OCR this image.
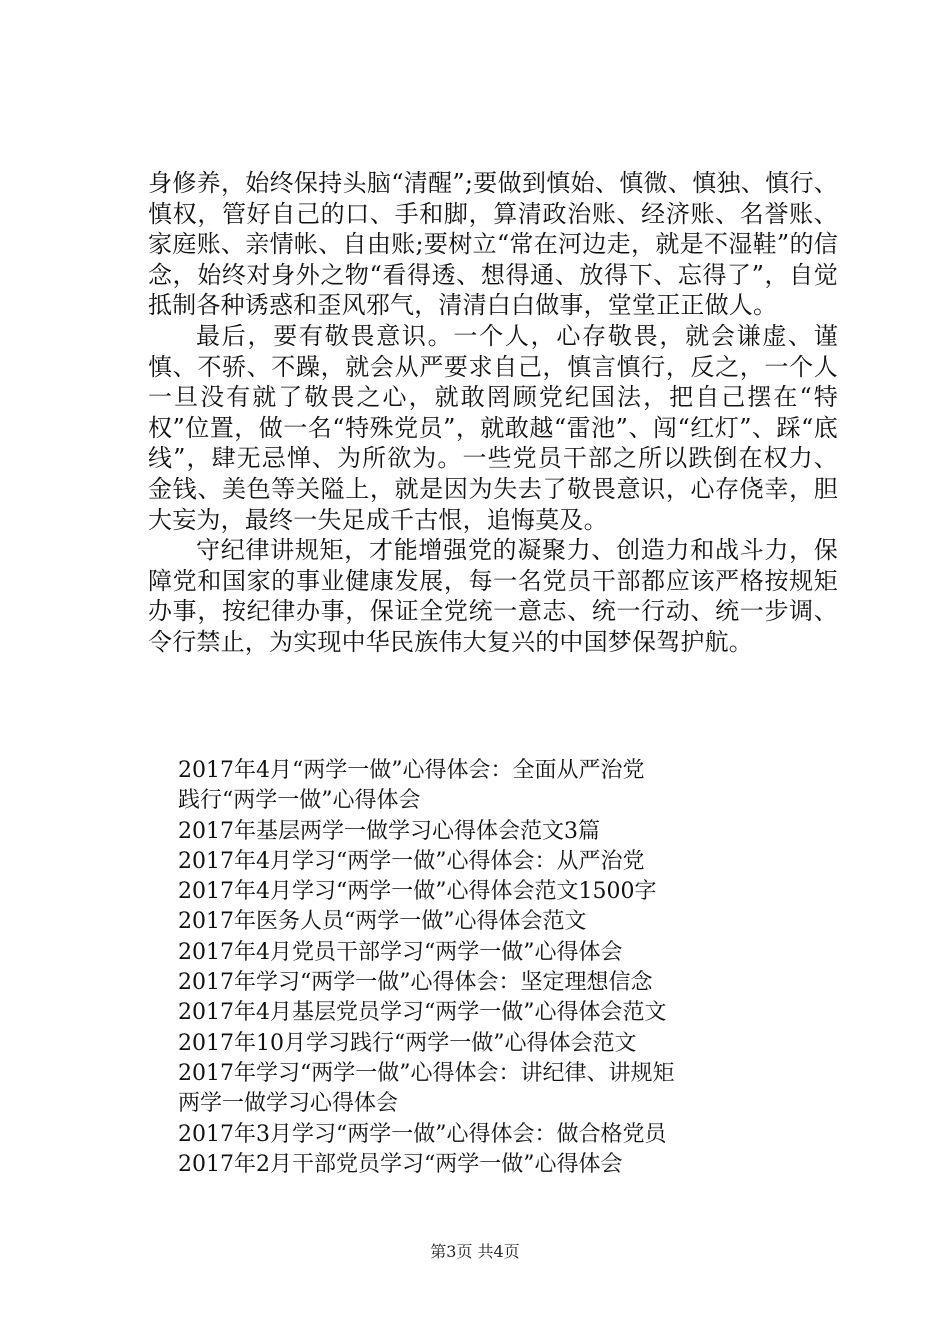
身修养，始终保持头脑“清醒”;要做到慎始、慎微、慎独、慎行、慎权，管好自己的口、手和脚，算清政治账、经济账、名誉账、家庭账、亲情帐、自由账;要树立“常在河边走，就是不湿鞋”的信念，始终对身外之物“看得透、想得通、放得下、忘得了”，自觉抵制各种诱惑和歪风邪气，清清白白做事，堂堂正正做人。

最后，要有敬畏意识。一个人，心存敬畏，就会谦虚、谨慎、不骄、不躁，就会从严要求自己，慎言慎行，反之，一个人一旦没有就了敬畏之心，就敢罔顾党纪国法，把自己摆在“特权”位置，做一名“特殊党员”，就敢越“雷池”、闯“红灯”、踩“底线”，肆无忌惮、为所欲为。一些党员干部之所以跌倒在权力、金钱、美色等关隘上，就是因为失去了敬畏意识，心存侥幸，胆大妄为，最终一失足成千古恨，追悔莫及。

守纪律讲规矩，才能增强党的凝聚力、创造力和战斗力，保障党和国家的事业健康发展，每一名党员干部都应该严格按规矩办事，按纪律办事，保证全党统一意志、统一行动、统一步调、令行禁止，为实现中华民族伟大复兴的中国梦保驾护航。

2017年4月“两学一做”心得体会：全面从严治党
践行“两学一做”心得体会
2017年基层两学一做学习心得体会范文3篇
2017年4月学习“两学一做”心得体会：从严治党
2017年4月学习“两学一做”心得体会范文1500字
2017年医务人员“两学一做”心得体会范文
2017年4月党员干部学习“两学一做”心得体会
2017年学习“两学一做”心得体会：坚定理想信念
2017年4月基层党员学习“两学一做”心得体会范文
2017年10月学习践行“两学一做”心得体会范文
2017年学习“两学一做”心得体会：讲纪律、讲规矩
两学一做学习心得体会
2017年3月学习“两学一做”心得体会：做合格党员
2017年2月干部党员学习“两学一做”心得体会
第3页 共4页
